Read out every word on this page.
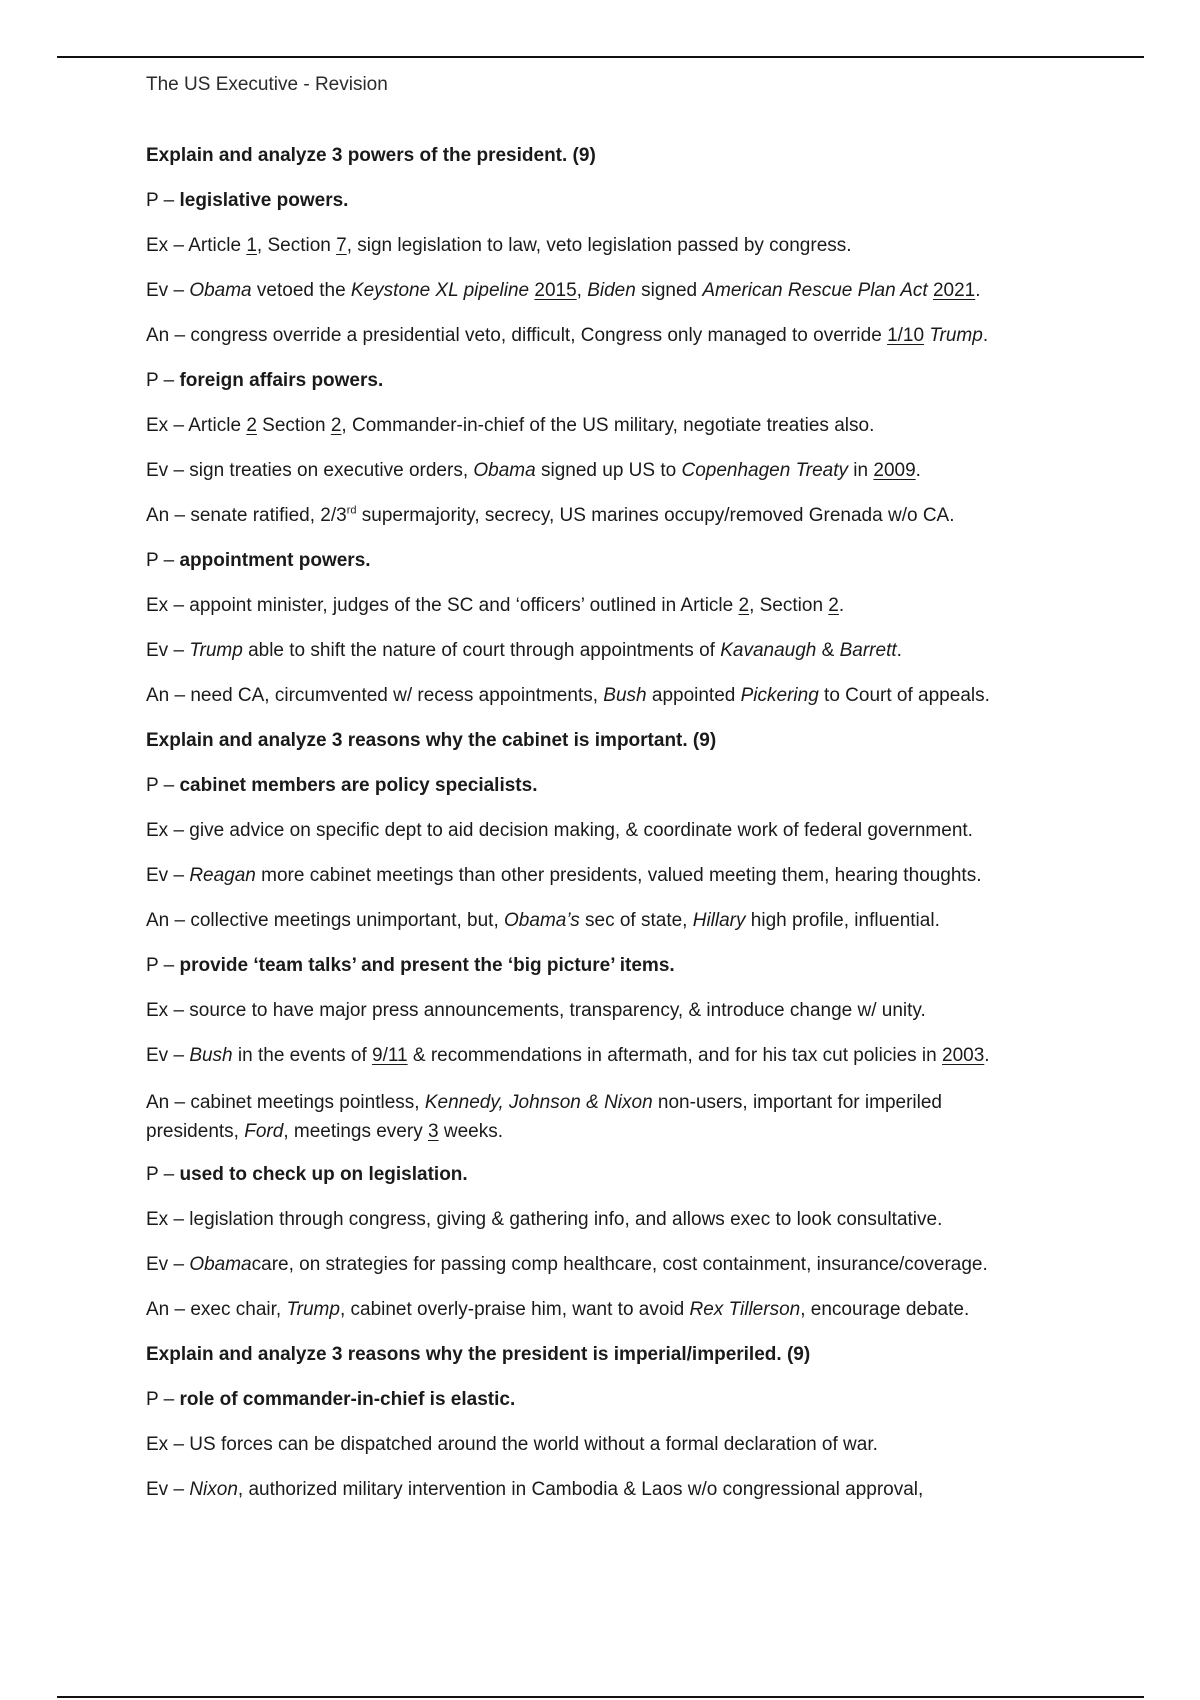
The US Executive - Revision
Explain and analyze 3 powers of the president. (9)
P – legislative powers.
Ex – Article 1, Section 7, sign legislation to law, veto legislation passed by congress.
Ev – Obama vetoed the Keystone XL pipeline 2015, Biden signed American Rescue Plan Act 2021.
An – congress override a presidential veto, difficult, Congress only managed to override 1/10 Trump.
P – foreign affairs powers.
Ex – Article 2 Section 2, Commander-in-chief of the US military, negotiate treaties also.
Ev – sign treaties on executive orders, Obama signed up US to Copenhagen Treaty in 2009.
An – senate ratified, 2/3rd supermajority, secrecy, US marines occupy/removed Grenada w/o CA.
P – appointment powers.
Ex – appoint minister, judges of the SC and ‘officers’ outlined in Article 2, Section 2.
Ev – Trump able to shift the nature of court through appointments of Kavanaugh & Barrett.
An – need CA, circumvented w/ recess appointments, Bush appointed Pickering to Court of appeals.
Explain and analyze 3 reasons why the cabinet is important. (9)
P – cabinet members are policy specialists.
Ex – give advice on specific dept to aid decision making, & coordinate work of federal government.
Ev – Reagan more cabinet meetings than other presidents, valued meeting them, hearing thoughts.
An – collective meetings unimportant, but, Obama’s sec of state, Hillary high profile, influential.
P – provide ‘team talks’ and present the ‘big picture’ items.
Ex – source to have major press announcements, transparency, & introduce change w/ unity.
Ev – Bush in the events of 9/11 & recommendations in aftermath, and for his tax cut policies in 2003.
An – cabinet meetings pointless, Kennedy, Johnson & Nixon non-users, important for imperiled
presidents, Ford, meetings every 3 weeks.
P – used to check up on legislation.
Ex – legislation through congress, giving & gathering info, and allows exec to look consultative.
Ev – Obamacare, on strategies for passing comp healthcare, cost containment, insurance/coverage.
An – exec chair, Trump, cabinet overly-praise him, want to avoid Rex Tillerson, encourage debate.
Explain and analyze 3 reasons why the president is imperial/imperiled. (9)
P – role of commander-in-chief is elastic.
Ex – US forces can be dispatched around the world without a formal declaration of war.
Ev – Nixon, authorized military intervention in Cambodia & Laos w/o congressional approval,
